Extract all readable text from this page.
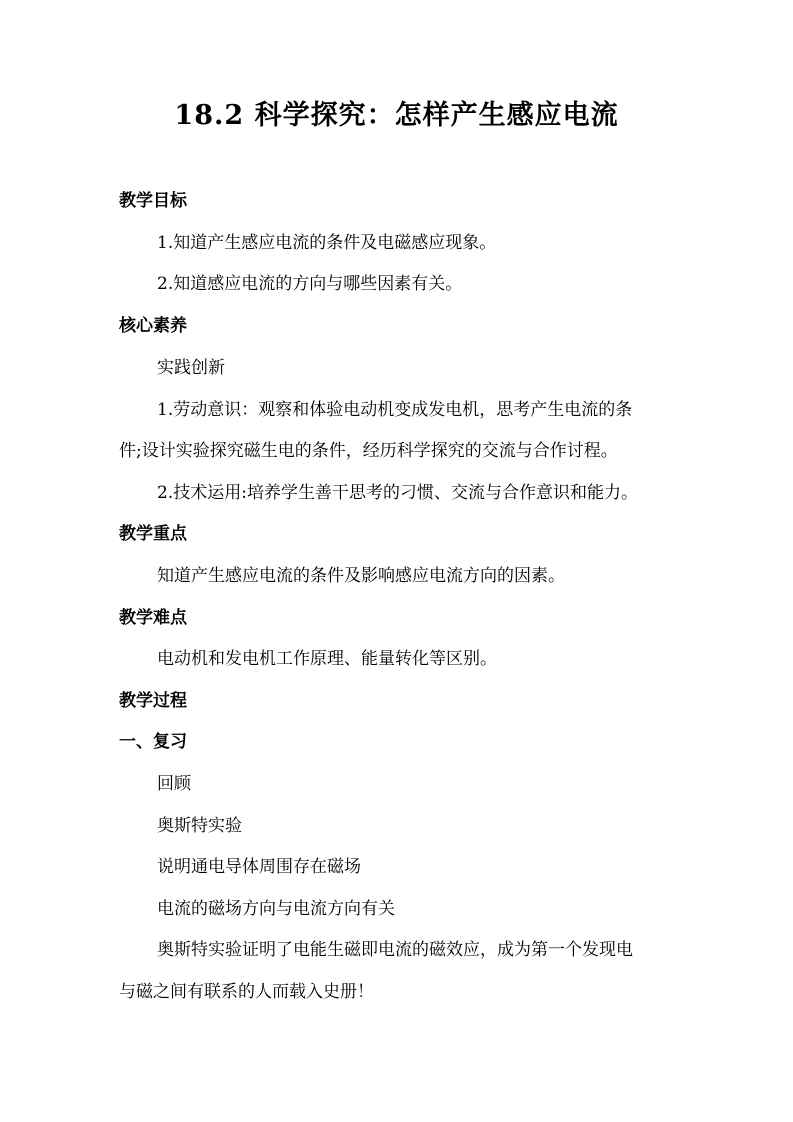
18.2 科学探究：怎样产生感应电流
教学目标
1.知道产生感应电流的条件及电磁感应现象。
2.知道感应电流的方向与哪些因素有关。
核心素养
实践创新
1.劳动意识：观察和体验电动机变成发电机，思考产生电流的条
件;设计实验探究磁生电的条件，经历科学探究的交流与合作讨程。
2.技术运用:培养学生善干思考的刁惯、交流与合作意识和能力。
教学重点
知道产生感应电流的条件及影响感应电流方向的因素。
教学难点
电动机和发电机工作原理、能量转化等区别。
教学过程
一、复习
回顾
奥斯特实验
说明通电导体周围存在磁场
电流的磁场方向与电流方向有关
奥斯特实验证明了电能生磁即电流的磁效应，成为第一个发现电
与磁之间有联系的人而载入史册！
